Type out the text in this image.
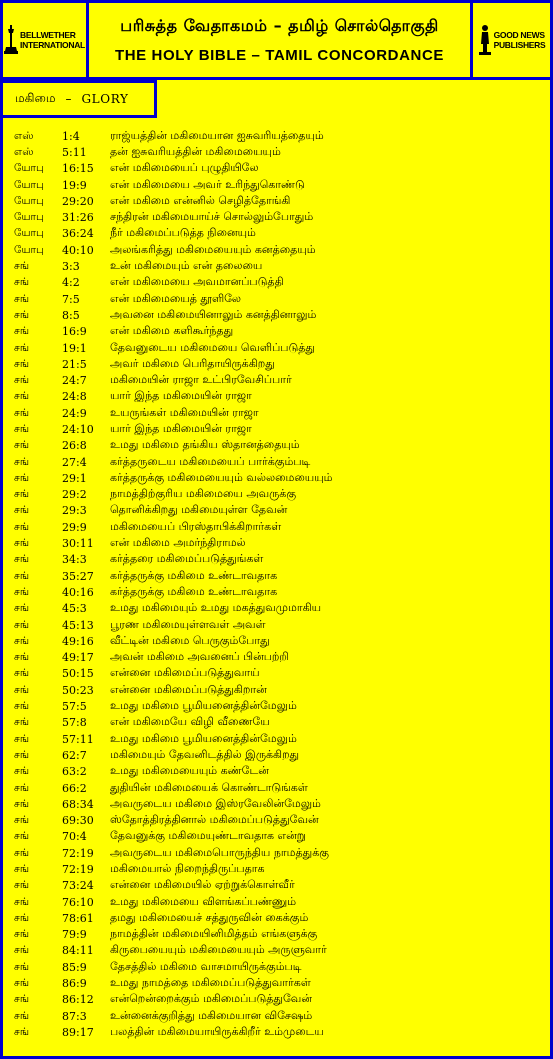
BELLWETHER
INTERNATIONAL
பரிசுத்த வேதாகமம் – தமிழ் சொல்தொகுதி
THE HOLY BIBLE – TAMIL CONCORDANCE
GOOD NEWS
PUBLISHERS
மகிமை – GLORY
எஸ்	1:4	ராஜ்யத்தின் மகிமையான ஐசுவரியத்தையும்
எஸ்	5:11	தன் ஐசுவரியத்தின் மகிமையையும்
யோபு	16:15	என் மகிமையைப் புழுதியிலே
யோபு	19:9	என் மகிமையை அவர் உரிந்துகொண்டு
யோபு	29:20	என் மகிமை என்னில் செழித்தோங்கி
யோபு	31:26	சந்திரன் மகிமையாய்ச் சொல்லும்போதும்
யோபு	36:24	நீர் மகிமைப்படுத்த நினையும்
யோபு	40:10	அலங்கரித்து மகிமையையும் கனத்தையும்
சங்	3:3	உன் மகிமையும் என் தலையை
சங்	4:2	என் மகிமையை அவமானப்படுத்தி
சங்	7:5	என் மகிமையைத் தூளிலே
சங்	8:5	அவனை மகிமையினாலும் கனத்தினாலும்
சங்	16:9	என் மகிமை களிகூர்ந்தது
சங்	19:1	தேவனுடைய மகிமையை வெளிப்படுத்து
சங்	21:5	அவர் மகிமை பெரிதாயிருக்கிறது
சங்	24:7	மகிமையின் ராஜா உட்பிரவேசிப்பார்
சங்	24:8	யார் இந்த மகிமையின் ராஜா
சங்	24:9	உயருங்கள் மகிமையின் ராஜா
சங்	24:10	யார் இந்த மகிமையின் ராஜா
சங்	26:8	உமது மகிமை தங்கிய ஸ்தானத்தையும்
சங்	27:4	கர்த்தருடைய மகிமையைப் பார்க்கும்படி
சங்	29:1	கர்த்தருக்கு மகிமையையும் வல்லமையையும்
சங்	29:2	நாமத்திற்குரிய மகிமையை அவருக்கு
சங்	29:3	தொனிக்கிறது மகிமையுள்ள தேவன்
சங்	29:9	மகிமையைப் பிரஸ்தாபிக்கிறார்கள்
சங்	30:11	என் மகிமை அமர்ந்திராமல்
சங்	34:3	கர்த்தரை மகிமைப்படுத்துங்கள்
சங்	35:27	கர்த்தருக்கு மகிமை உண்டாவதாக
சங்	40:16	கர்த்தருக்கு மகிமை உண்டாவதாக
சங்	45:3	உமது மகிமையும் உமது மகத்துவமுமாகிய
சங்	45:13	பூரண மகிமையுள்ளவள் அவள்
சங்	49:16	வீட்டின் மகிமை பெருகும்போது
சங்	49:17	அவன் மகிமை அவனைப் பின்பற்றி
சங்	50:15	என்னை மகிமைப்படுத்துவாய்
சங்	50:23	என்னை மகிமைப்படுத்துகிறான்
சங்	57:5	உமது மகிமை பூமியனைத்தின்மேலும்
சங்	57:8	என் மகிமையே விழி வீணையே
சங்	57:11	உமது மகிமை பூமியனைத்தின்மேலும்
சங்	62:7	மகிமையும் தேவனிடத்தில் இருக்கிறது
சங்	63:2	உமது மகிமையையும் கண்டேன்
சங்	66:2	துதியின் மகிமையைக் கொண்டாடுங்கள்
சங்	68:34	அவருடைய மகிமை இஸ்ரவேலின்மேலும்
சங்	69:30	ஸ்தோத்திரத்தினால் மகிமைப்படுத்துவேன்
சங்	70:4	தேவனுக்கு மகிமையுண்டாவதாக என்று
சங்	72:19	அவருடைய மகிமைபொருந்திய நாமத்துக்கு
சங்	72:19	மகிமையால் நிறைந்திருப்பதாக
சங்	73:24	என்னை மகிமையில் ஏற்றுக்கொள்வீர்
சங்	76:10	உமது மகிமையை விளங்கப்பண்ணும்
சங்	78:61	தமது மகிமையைச் சத்துருவின் கைக்கும்
சங்	79:9	நாமத்தின் மகிமையினிமித்தம் எங்களுக்கு
சங்	84:11	கிருபையையும் மகிமையையும் அருளுவார்
சங்	85:9	தேசத்தில் மகிமை வாசமாயிருக்கும்படி
சங்	86:9	உமது நாமத்தை மகிமைப்படுத்துவார்கள்
சங்	86:12	என்றென்றைக்கும் மகிமைப்படுத்துவேன்
சங்	87:3	உன்னைக்குறித்து மகிமையான விசேஷம்
சங்	89:17	பலத்தின் மகிமையாயிருக்கிறீர் உம்முடைய
